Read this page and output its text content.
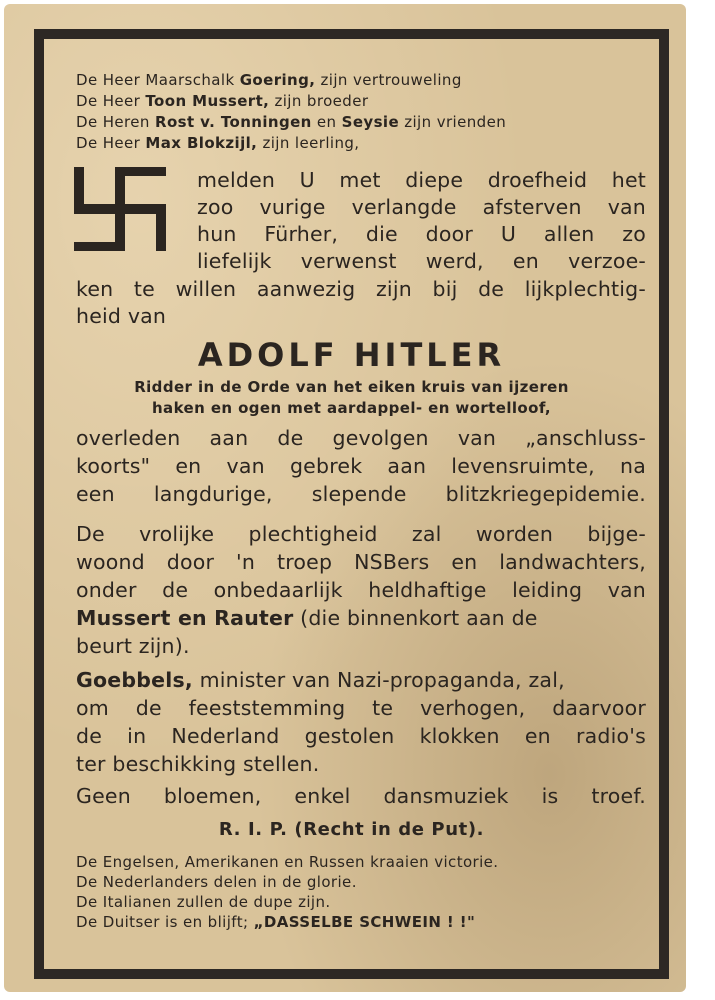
De Heer Maarschalk Goering, zijn vertrouweling

De Heer Toon Mussert, zijn broeder

De Heren Rost v. Tonningen en Seysie zijn vrienden

De Heer Max Blokzijl, zijn leerling,

melden U met diepe droefheid het

zoo vurige verlangde afsterven van

hun Fürher, die door U allen zo

liefelijk verwenst werd, en verzoe-

ken te willen aanwezig zijn bij de lijkplechtig-

heid van

ADOLF HITLER

Ridder in de Orde van het eiken kruis van ijzeren

haken en ogen met aardappel- en wortelloof,

overleden aan de gevolgen van „anschluss-

koorts" en van gebrek aan levensruimte, na

een langdurige, slepende blitzkriegepidemie.

De vrolijke plechtigheid zal worden bijge-

woond door 'n troep NSBers en landwachters,

onder de onbedaarlijk heldhaftige leiding van

Mussert en Rauter (die binnenkort aan de

beurt zijn).

Goebbels, minister van Nazi-propaganda, zal,

om de feeststemming te verhogen, daarvoor

de in Nederland gestolen klokken en radio's

ter beschikking stellen.

Geen bloemen, enkel dansmuziek is troef.

R. I. P. (Recht in de Put).

De Engelsen, Amerikanen en Russen kraaien victorie.

De Nederlanders delen in de glorie.

De Italianen zullen de dupe zijn.

De Duitser is en blijft; „DASSELBE SCHWEIN ! !"
